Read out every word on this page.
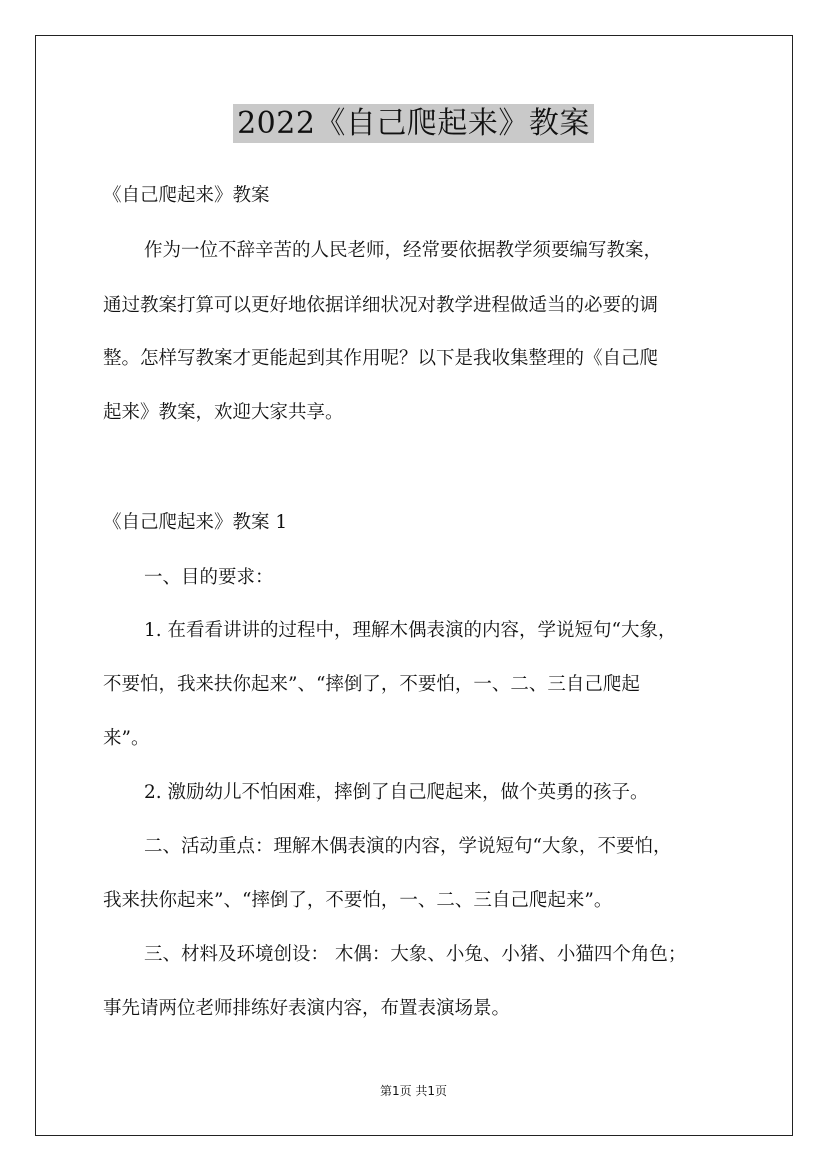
2022《自己爬起来》教案
《自己爬起来》教案
作为一位不辞辛苦的人民老师，经常要依据教学须要编写教案，
通过教案打算可以更好地依据详细状况对教学进程做适当的必要的调
整。怎样写教案才更能起到其作用呢？以下是我收集整理的《自己爬
起来》教案，欢迎大家共享。
《自己爬起来》教案 1
一、目的要求：
1. 在看看讲讲的过程中，理解木偶表演的内容，学说短句“大象，
不要怕，我来扶你起来”、“摔倒了，不要怕，一、二、三自己爬起
来”。
2. 激励幼儿不怕困难，摔倒了自己爬起来，做个英勇的孩子。
二、活动重点：理解木偶表演的内容，学说短句“大象，不要怕，
我来扶你起来”、“摔倒了，不要怕，一、二、三自己爬起来”。
三、材料及环境创设： 木偶：大象、小兔、小猪、小猫四个角色；
事先请两位老师排练好表演内容，布置表演场景。
第1页 共1页
